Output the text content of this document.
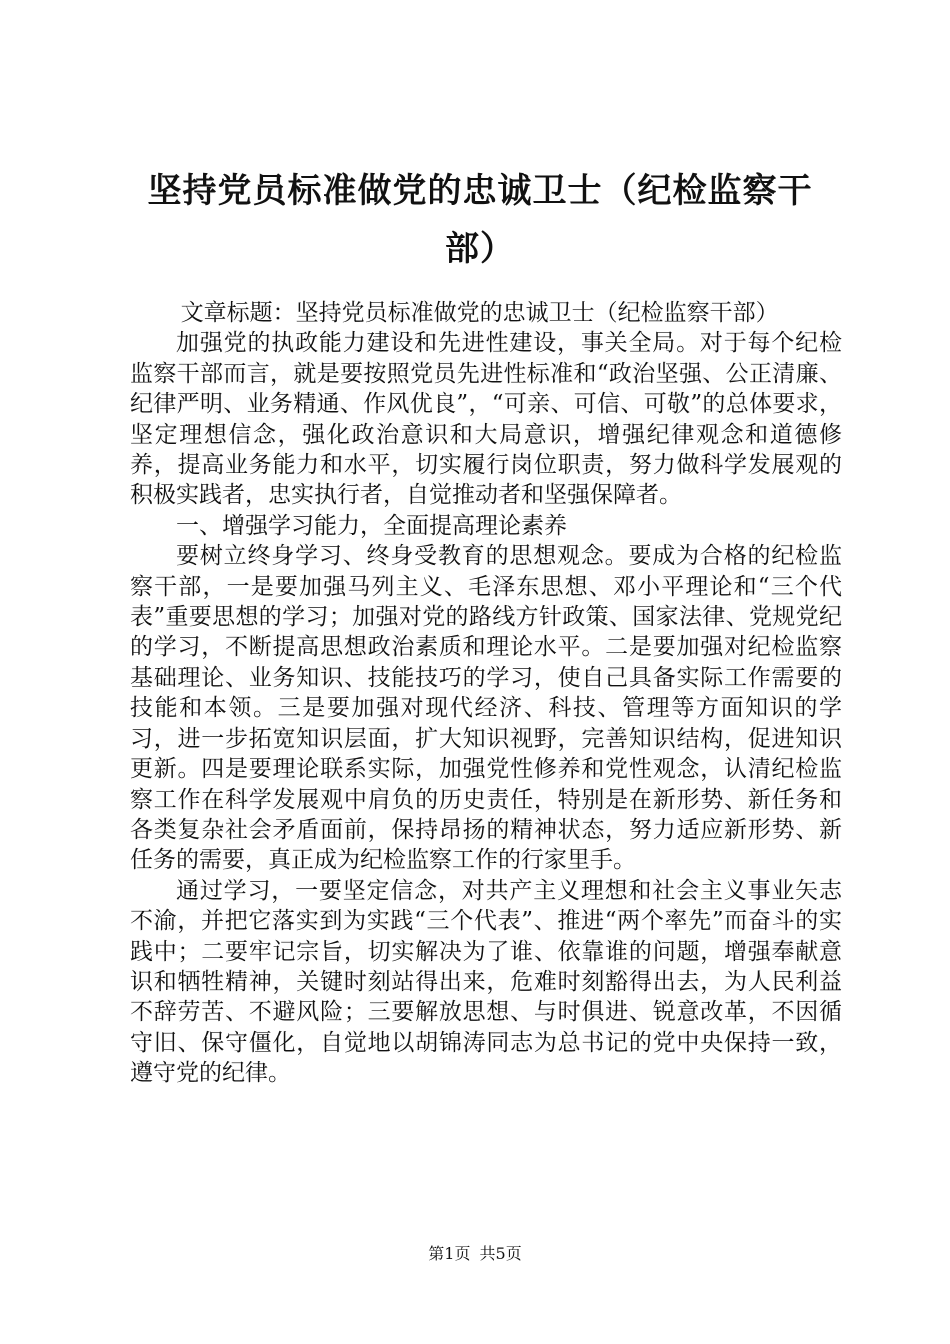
坚持党员标准做党的忠诚卫士（纪检监察干部）

文章标题：坚持党员标准做党的忠诚卫士（纪检监察干部）

加强党的执政能力建设和先进性建设，事关全局。对于每个纪检监察干部而言，就是要按照党员先进性标准和“政治坚强、公正清廉、纪律严明、业务精通、作风优良”，“可亲、可信、可敬”的总体要求，坚定理想信念，强化政治意识和大局意识，增强纪律观念和道德修养，提高业务能力和水平，切实履行岗位职责，努力做科学发展观的积极实践者，忠实执行者，自觉推动者和坚强保障者。

一、增强学习能力，全面提高理论素养

要树立终身学习、终身受教育的思想观念。要成为合格的纪检监察干部，一是要加强马列主义、毛泽东思想、邓小平理论和“三个代表”重要思想的学习；加强对党的路线方针政策、国家法律、党规党纪的学习，不断提高思想政治素质和理论水平。二是要加强对纪检监察基础理论、业务知识、技能技巧的学习，使自己具备实际工作需要的技能和本领。三是要加强对现代经济、科技、管理等方面知识的学习，进一步拓宽知识层面，扩大知识视野，完善知识结构，促进知识更新。四是要理论联系实际，加强党性修养和党性观念，认清纪检监察工作在科学发展观中肩负的历史责任，特别是在新形势、新任务和各类复杂社会矛盾面前，保持昂扬的精神状态，努力适应新形势、新任务的需要，真正成为纪检监察工作的行家里手。

通过学习，一要坚定信念，对共产主义理想和社会主义事业矢志不渝，并把它落实到为实践“三个代表”、推进“两个率先”而奋斗的实践中；二要牢记宗旨，切实解决为了谁、依靠谁的问题，增强奉献意识和牺牲精神，关键时刻站得出来，危难时刻豁得出去，为人民利益不辞劳苦、不避风险；三要解放思想、与时俱进、锐意改革，不因循守旧、保守僵化，自觉地以胡锦涛同志为总书记的党中央保持一致，遵守党的纪律。

第1页 共5页
